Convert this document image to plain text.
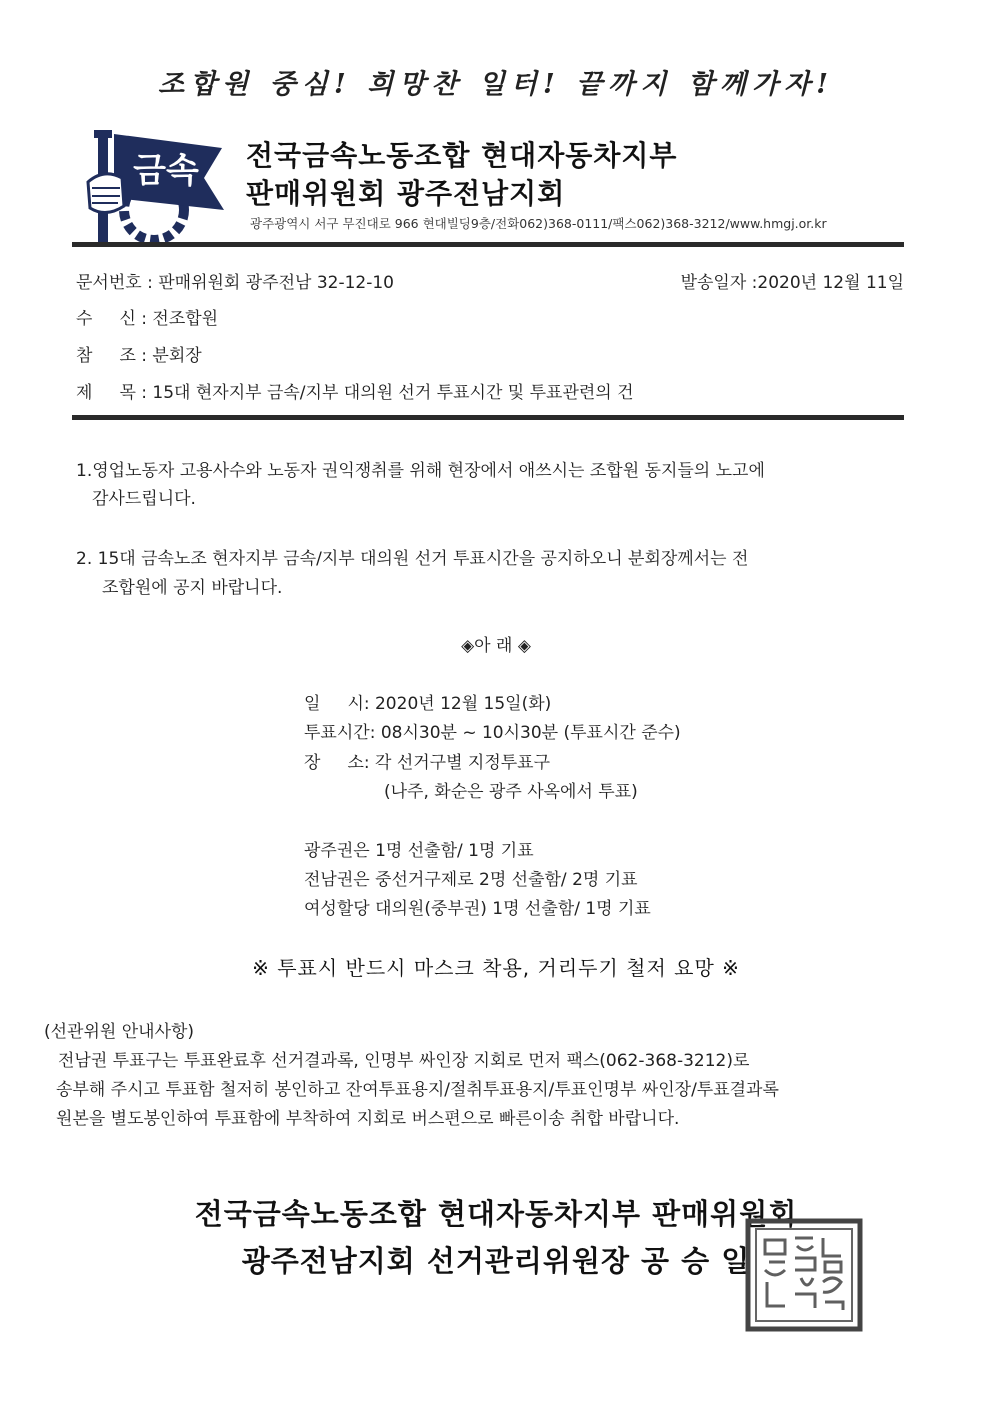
조합원 중심! 희망찬 일터! 끝까지 함께가자!
금속 전국금속노동조합 현대자동차지부
판매위원회 광주전남지회
광주광역시 서구 무진대로 966 현대빌딩9층/전화062)368-0111/팩스062)368-3212/www.hmgj.or.kr
문서번호 : 판매위원회 광주전남 32-12-10	발송일자 :2020년 12월 11일
수     신 : 전조합원
참     조 : 분회장
제     목 : 15대 현자지부 금속/지부 대의원 선거 투표시간 및 투표관련의 건
1.영업노동자 고용사수와 노동자 권익쟁취를 위해 현장에서 애쓰시는 조합원 동지들의 노고에
감사드립니다.
2. 15대 금속노조 현자지부 금속/지부 대의원 선거 투표시간을 공지하오니 분회장께서는 전
조합원에 공지 바랍니다.
◈아 래 ◈
일     시: 2020년 12월 15일(화)
투표시간: 08시30분 ~ 10시30분 (투표시간 준수)
장     소: 각 선거구별 지정투표구
(나주, 화순은 광주 사옥에서 투표)
광주권은 1명 선출함/ 1명 기표
전남권은 중선거구제로 2명 선출함/ 2명 기표
여성할당 대의원(중부권) 1명 선출함/ 1명 기표
※ 투표시 반드시 마스크 착용, 거리두기 철저 요망 ※
(선관위원 안내사항)
전남권 투표구는 투표완료후 선거결과록, 인명부 싸인장 지회로 먼저 팩스(062-368-3212)로
송부해 주시고 투표함 철저히 봉인하고 잔여투표용지/절취투표용지/투표인명부 싸인장/투표결과록
원본을 별도봉인하여 투표함에 부착하여 지회로 버스편으로 빠른이송 취합 바랍니다.
전국금속노동조합 현대자동차지부 판매위원회
광주전남지회 선거관리위원장 공 승 일
